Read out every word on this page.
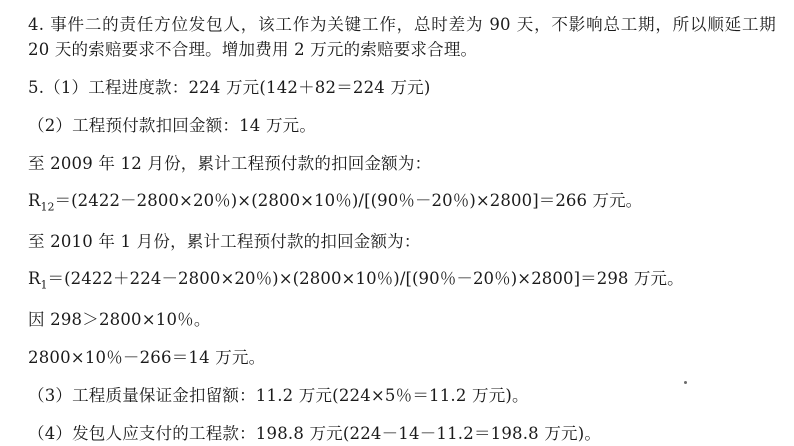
4. 事件二的责任方位发包人，该工作为关键工作，总时差为 90 天，不影响总工期，所以顺延工期 20 天的索赔要求不合理。增加费用 2 万元的索赔要求合理。

5.（1）工程进度款：224 万元(142＋82＝224 万元)

（2）工程预付款扣回金额：14 万元。

至 2009 年 12 月份，累计工程预付款的扣回金额为：

$R_{12}=(2422-2800\times 20$％)×(2800×10％)/[(90％－20％)×2800]＝266 万元。

至 2010 年 1 月份，累计工程预付款的扣回金额为：

$R_1=(2422+224-2800\times 20$％)×(2800×10％)/[(90％－20％)×2800]＝298 万元。

因 298＞2800×10％。

2800×10％－266＝14 万元。

（3）工程质量保证金扣留额：11.2 万元(224×5％＝11.2 万元)。

（4）发包人应支付的工程款：198.8 万元(224－14－11.2＝198.8 万元)。
